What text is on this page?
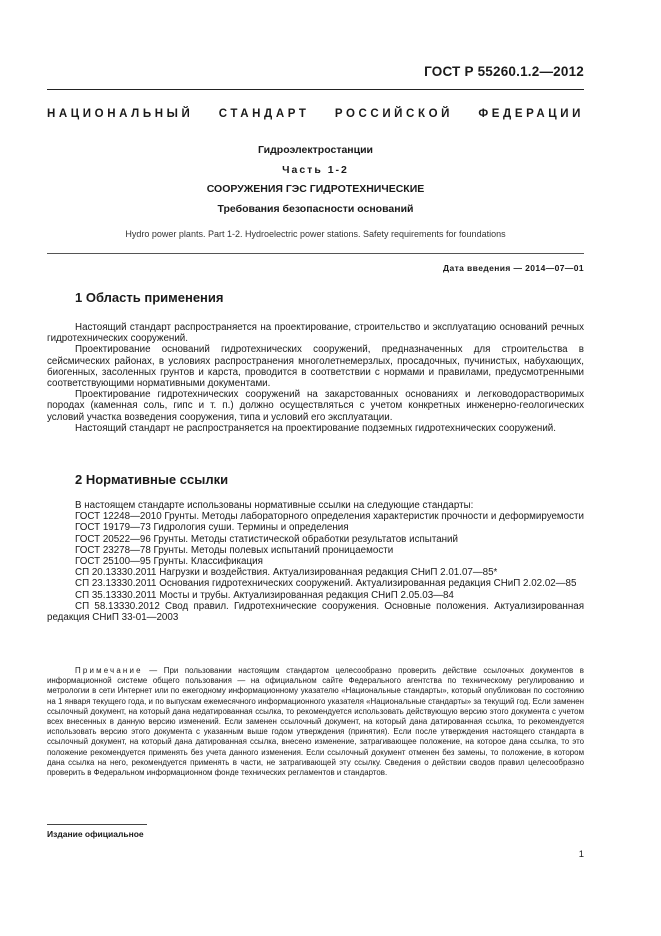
ГОСТ Р 55260.1.2—2012
НАЦИОНАЛЬНЫЙ СТАНДАРТ РОССИЙСКОЙ ФЕДЕРАЦИИ
Гидроэлектростанции
Часть 1-2
СООРУЖЕНИЯ ГЭС ГИДРОТЕХНИЧЕСКИЕ
Требования безопасности оснований
Hydro power plants. Part 1-2. Hydroelectric power stations. Safety requirements for foundations
Дата введения — 2014—07—01
1 Область применения

Настоящий стандарт распространяется на проектирование, строительство и эксплуатацию оснований речных гидротехнических сооружений.

Проектирование оснований гидротехнических сооружений, предназначенных для строительства в сейсмических районах, в условиях распространения многолетнемерзлых, просадочных, пучинистых, набухающих, биогенных, засоленных грунтов и карста, проводится в соответствии с нормами и правилами, предусмотренными соответствующими нормативными документами.

Проектирование гидротехнических сооружений на закарстованных основаниях и легководорастворимых породах (каменная соль, гипс и т. п.) должно осуществляться с учетом конкретных инженерно-геологических условий участка возведения сооружения, типа и условий его эксплуатации.

Настоящий стандарт не распространяется на проектирование подземных гидротехнических сооружений.

2 Нормативные ссылки

В настоящем стандарте использованы нормативные ссылки на следующие стандарты:

ГОСТ 12248—2010 Грунты. Методы лабораторного определения характеристик прочности и деформируемости

ГОСТ 19179—73 Гидрология суши. Термины и определения

ГОСТ 20522—96 Грунты. Методы статистической обработки результатов испытаний

ГОСТ 23278—78 Грунты. Методы полевых испытаний проницаемости

ГОСТ 25100—95 Грунты. Классификация

СП 20.13330.2011 Нагрузки и воздействия. Актуализированная редакция СНиП 2.01.07—85*

СП 23.13330.2011 Основания гидротехнических сооружений. Актуализированная редакция СНиП 2.02.02—85

СП 35.13330.2011 Мосты и трубы. Актуализированная редакция СНиП 2.05.03—84

СП 58.13330.2012 Свод правил. Гидротехнические сооружения. Основные положения. Актуализированная редакция СНиП 33-01—2003

Примечание — При пользовании настоящим стандартом целесообразно проверить действие ссылочных документов в информационной системе общего пользования — на официальном сайте Федерального агентства по техническому регулированию и метрологии в сети Интернет или по ежегодному информационному указателю «Национальные стандарты», который опубликован по состоянию на 1 января текущего года, и по выпускам ежемесячного информационного указателя «Национальные стандарты» за текущий год. Если заменен ссылочный документ, на который дана недатированная ссылка, то рекомендуется использовать действующую версию этого документа с учетом всех внесенных в данную версию изменений. Если заменен ссылочный документ, на который дана датированная ссылка, то рекомендуется использовать версию этого документа с указанным выше годом утверждения (принятия). Если после утверждения настоящего стандарта в ссылочный документ, на который дана датированная ссылка, внесено изменение, затрагивающее положение, на которое дана ссылка, то это положение рекомендуется применять без учета данного изменения. Если ссылочный документ отменен без замены, то положение, в котором дана ссылка на него, рекомендуется применять в части, не затрагивающей эту ссылку. Сведения о действии сводов правил целесообразно проверить в Федеральном информационном фонде технических регламентов и стандартов.

Издание официальное
1
